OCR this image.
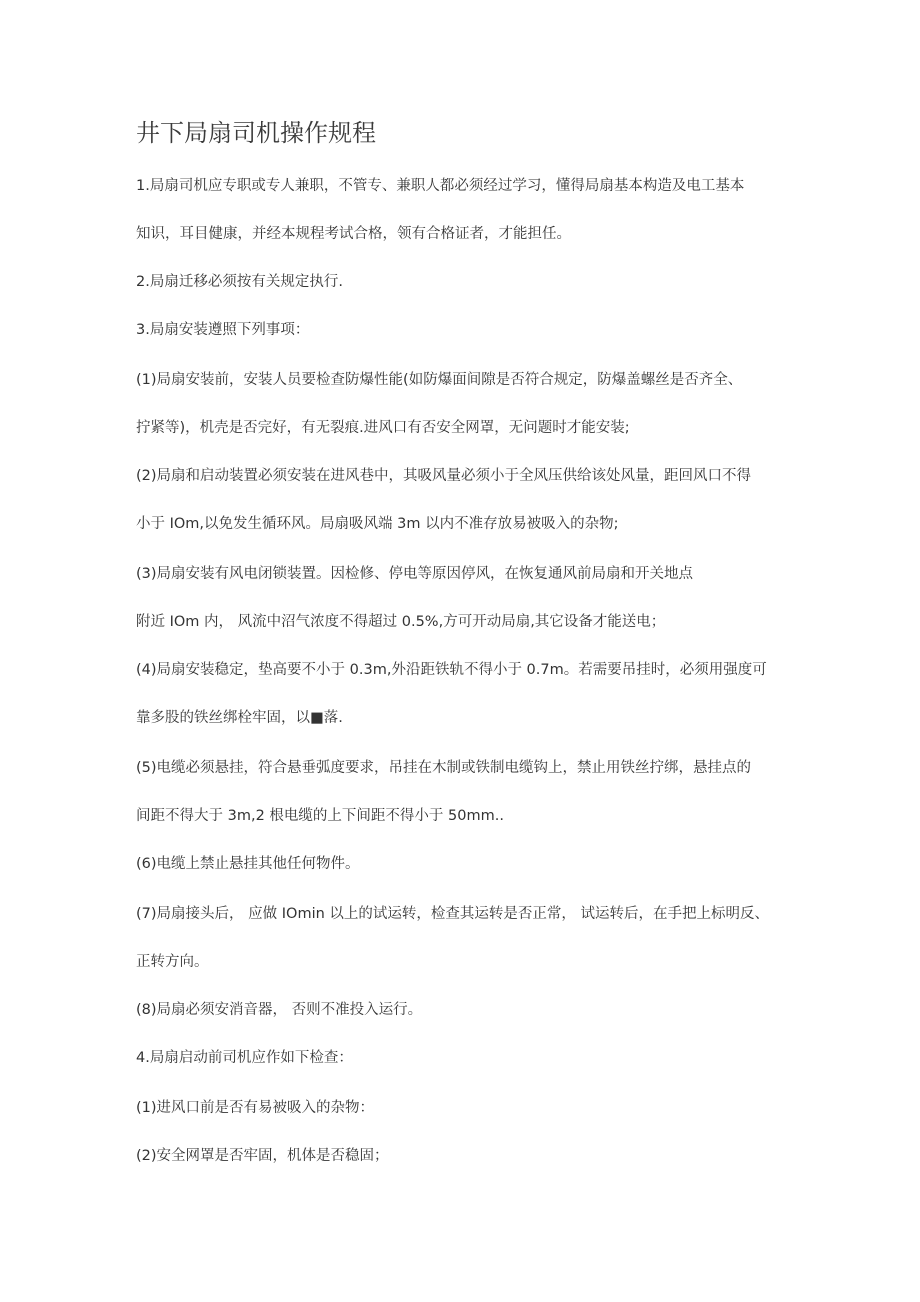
井下局扇司机操作规程
1.局扇司机应专职或专人兼职，不管专、兼职人都必须经过学习，懂得局扇基本构造及电工基本
知识，耳目健康，并经本规程考试合格，领有合格证者，才能担任。
2.局扇迁移必须按有关规定执行.
3.局扇安装遵照下列事项：
(1)局扇安装前，安装人员要检查防爆性能(如防爆面间隙是否符合规定，防爆盖螺丝是否齐全、
拧紧等)，机壳是否完好，有无裂痕.进风口有否安全网罩，无问题时才能安装;
(2)局扇和启动装置必须安装在进风巷中，其吸风量必须小于全风压供给该处风量，距回风口不得
小于 IOm,以免发生循环风。局扇吸风端 3m 以内不准存放易被吸入的杂物;
(3)局扇安装有风电闭锁装置。因检修、停电等原因停风，在恢复通风前局扇和开关地点
附近 IOm 内， 风流中沼气浓度不得超过 0.5%,方可开动局扇,其它设备才能送电；
(4)局扇安装稳定，垫高要不小于 0.3m,外沿距铁轨不得小于 0.7m。若需要吊挂时，必须用强度可
靠多股的铁丝绑栓牢固，以■落.
(5)电缆必须悬挂，符合悬垂弧度要求，吊挂在木制或铁制电缆钩上，禁止用铁丝拧绑，悬挂点的
间距不得大于 3m,2 根电缆的上下间距不得小于 50mm..
(6)电缆上禁止悬挂其他任何物件。
(7)局扇接头后， 应做 IOmin 以上的试运转，检查其运转是否正常， 试运转后，在手把上标明反、
正转方向。
(8)局扇必须安消音器， 否则不准投入运行。
4.局扇启动前司机应作如下检查：
(1)进风口前是否有易被吸入的杂物：
(2)安全网罩是否牢固，机体是否稳固；
